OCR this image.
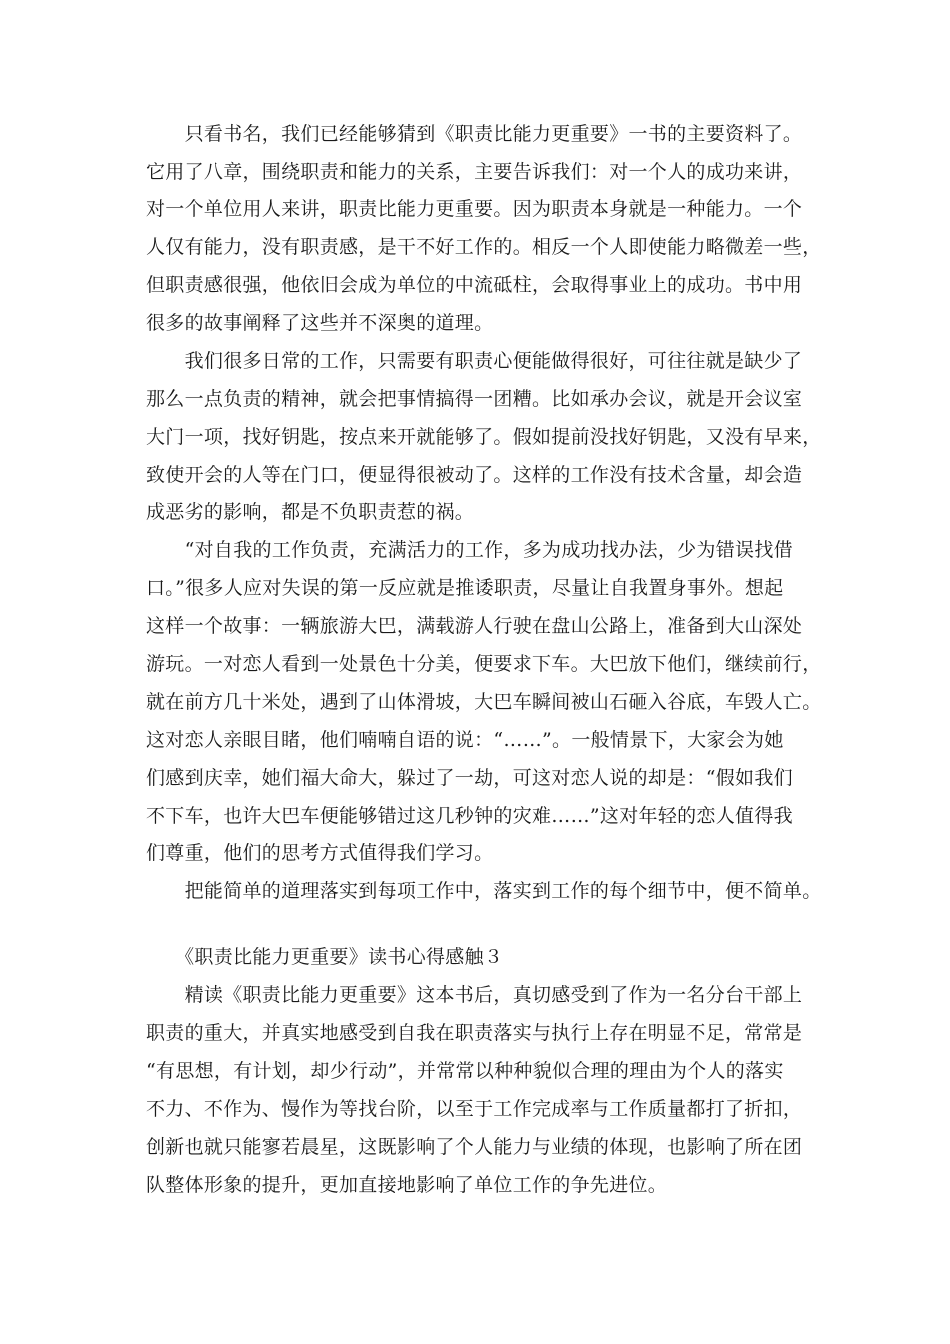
　　只看书名，我们已经能够猜到《职责比能力更重要》一书的主要资料了。
它用了八章，围绕职责和能力的关系，主要告诉我们：对一个人的成功来讲，
对一个单位用人来讲，职责比能力更重要。因为职责本身就是一种能力。一个
人仅有能力，没有职责感，是干不好工作的。相反一个人即使能力略微差一些，
但职责感很强，他依旧会成为单位的中流砥柱，会取得事业上的成功。书中用
很多的故事阐释了这些并不深奥的道理。
　　我们很多日常的工作，只需要有职责心便能做得很好，可往往就是缺少了
那么一点负责的精神，就会把事情搞得一团糟。比如承办会议，就是开会议室
大门一项，找好钥匙，按点来开就能够了。假如提前没找好钥匙，又没有早来，
致使开会的人等在门口，便显得很被动了。这样的工作没有技术含量，却会造
成恶劣的影响，都是不负职责惹的祸。
　　“对自我的工作负责，充满活力的工作，多为成功找办法，少为错误找借
口。”很多人应对失误的第一反应就是推诿职责，尽量让自我置身事外。想起
这样一个故事：一辆旅游大巴，满载游人行驶在盘山公路上，准备到大山深处
游玩。一对恋人看到一处景色十分美，便要求下车。大巴放下他们，继续前行，
就在前方几十米处，遇到了山体滑坡，大巴车瞬间被山石砸入谷底，车毁人亡。
这对恋人亲眼目睹，他们喃喃自语的说：“……”。一般情景下，大家会为她
们感到庆幸，她们福大命大，躲过了一劫，可这对恋人说的却是：“假如我们
不下车，也许大巴车便能够错过这几秒钟的灾难……”这对年轻的恋人值得我
们尊重，他们的思考方式值得我们学习。
　　把能简单的道理落实到每项工作中，落实到工作的每个细节中，便不简单。
　　《职责比能力更重要》读书心得感触３
　　精读《职责比能力更重要》这本书后，真切感受到了作为一名分台干部上
职责的重大，并真实地感受到自我在职责落实与执行上存在明显不足，常常是
“有思想，有计划，却少行动”，并常常以种种貌似合理的理由为个人的落实
不力、不作为、慢作为等找台阶，以至于工作完成率与工作质量都打了折扣，
创新也就只能寥若晨星，这既影响了个人能力与业绩的体现，也影响了所在团
队整体形象的提升，更加直接地影响了单位工作的争先进位。
